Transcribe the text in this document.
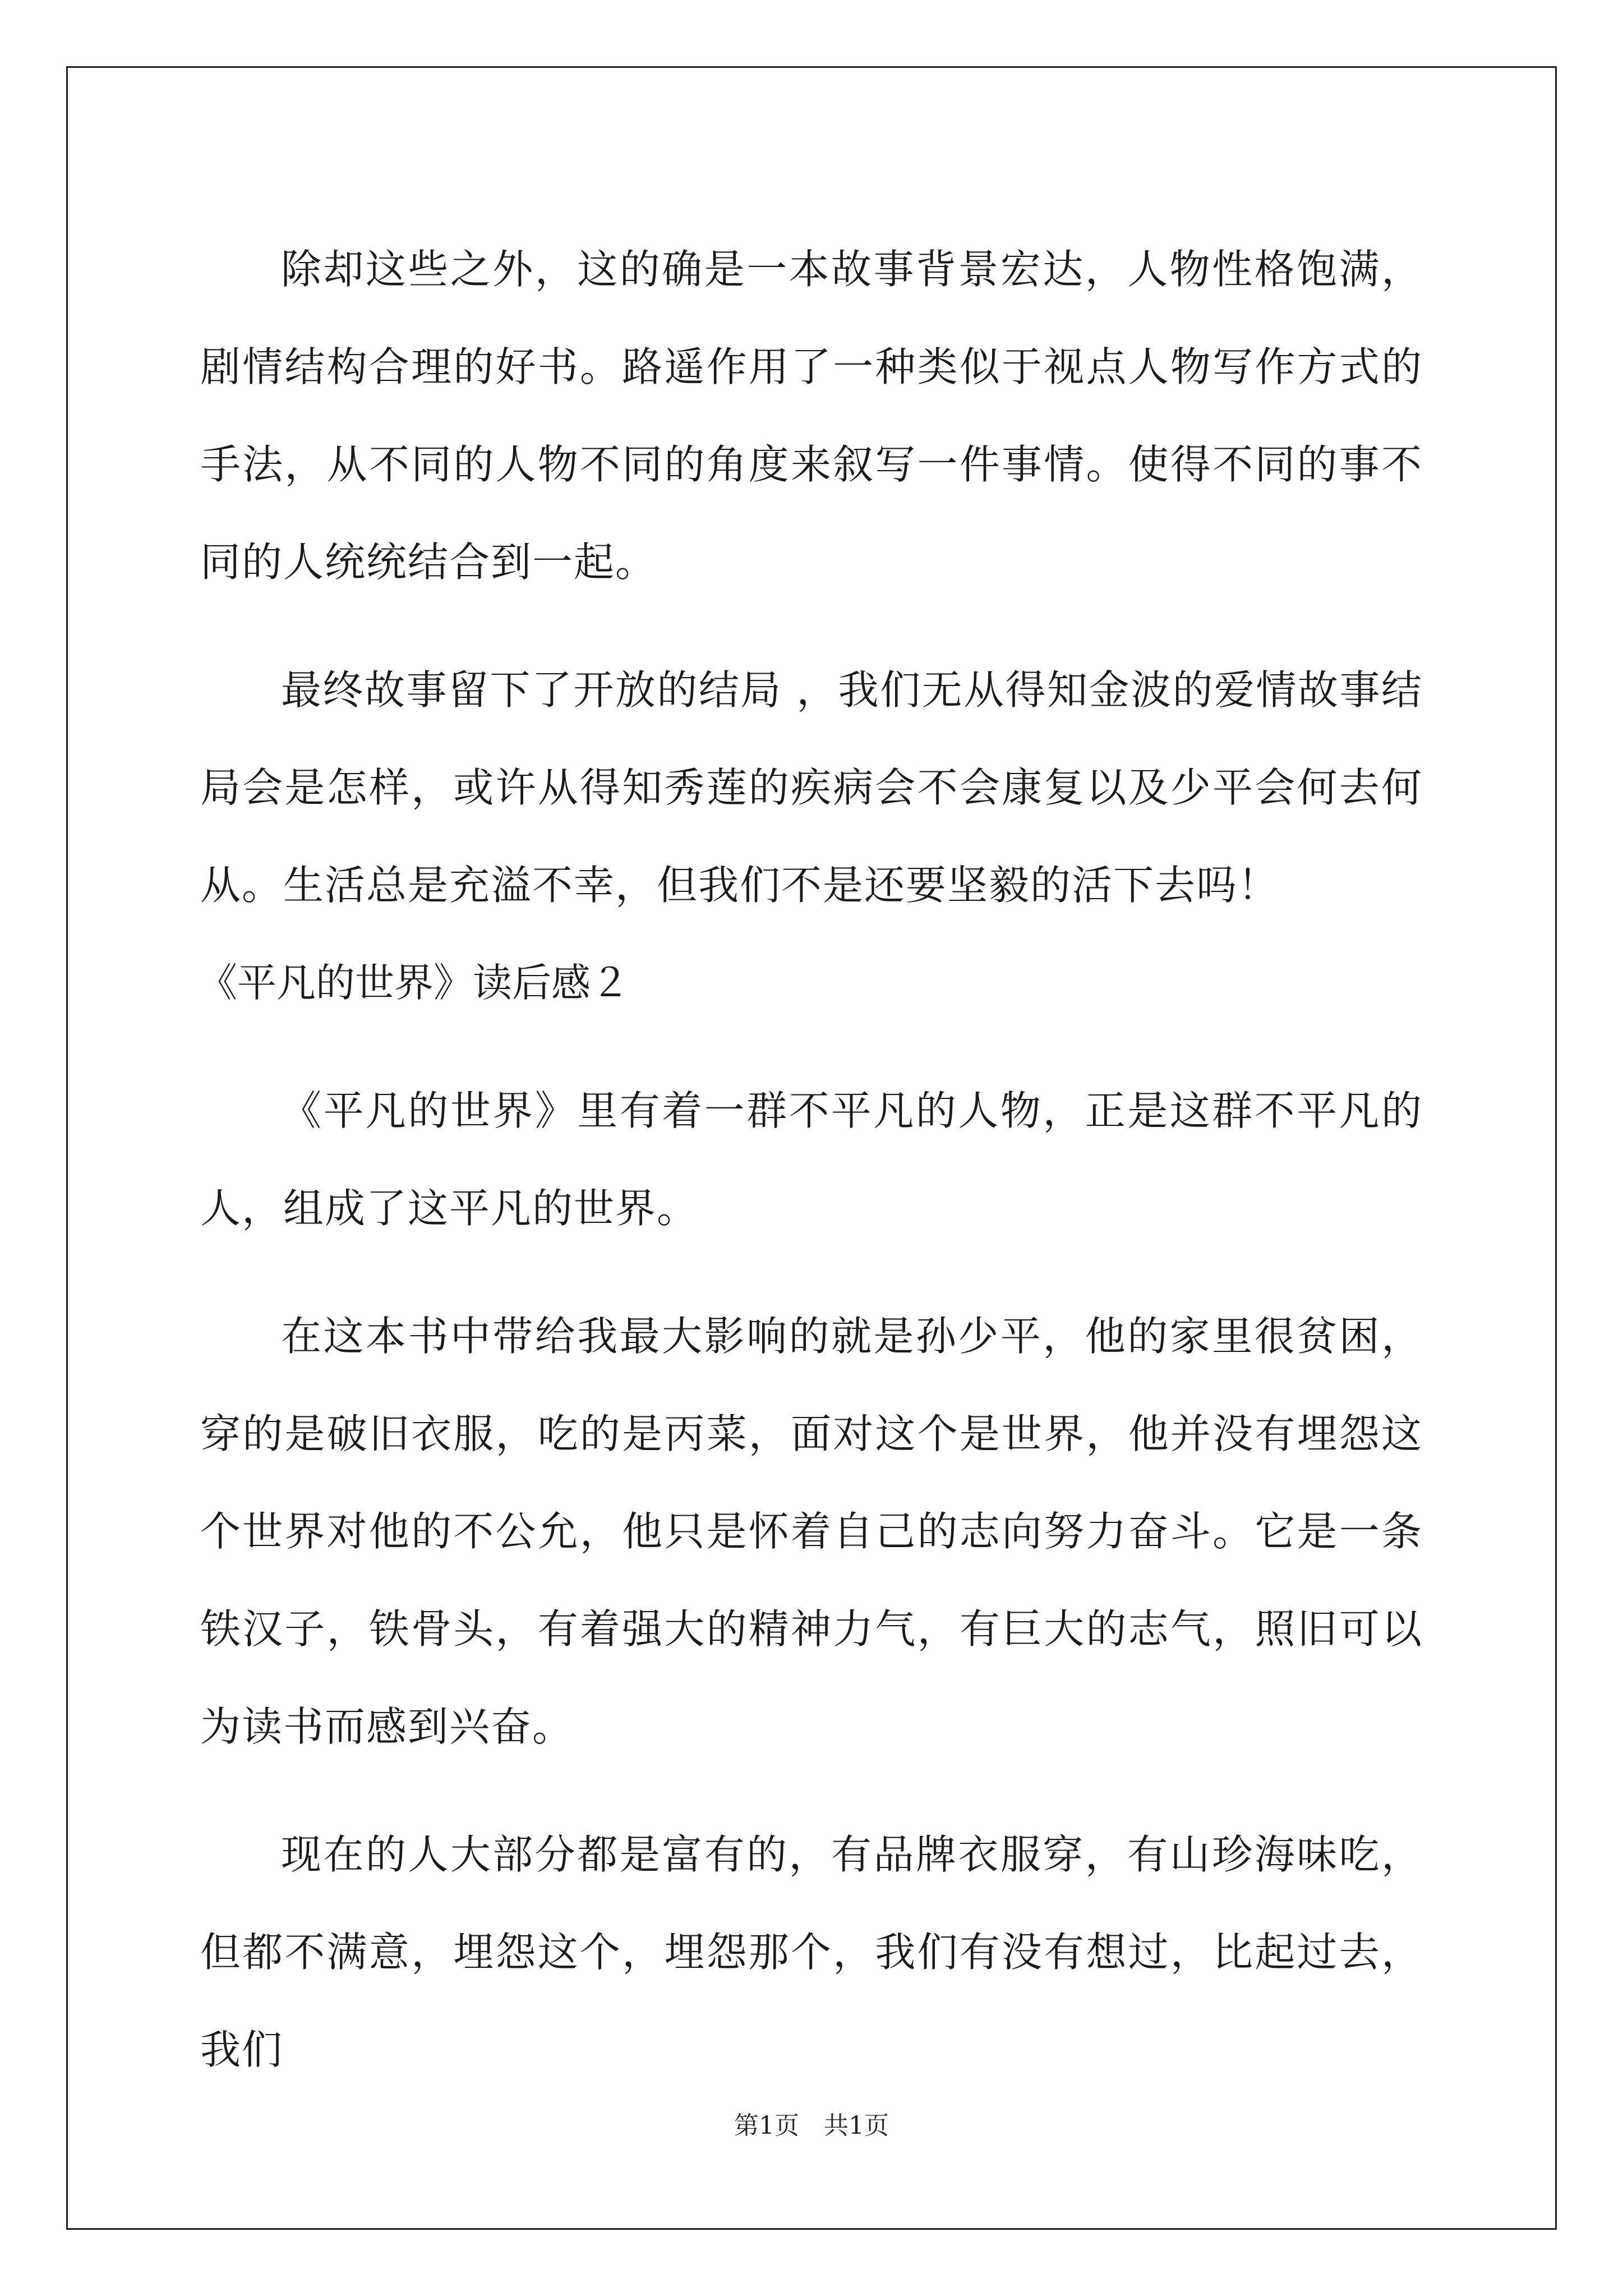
除却这些之外，这的确是一本故事背景宏达，人物性格饱满，剧情结构合理的好书。路遥作用了一种类似于视点人物写作方式的手法，从不同的人物不同的角度来叙写一件事情。使得不同的事不同的人统统结合到一起。

最终故事留下了开放的结局 ，我们无从得知金波的爱情故事结局会是怎样，或许从得知秀莲的疾病会不会康复以及少平会何去何从。生活总是充溢不幸，但我们不是还要坚毅的活下去吗！

《平凡的世界》读后感２

《平凡的世界》里有着一群不平凡的人物，正是这群不平凡的人，组成了这平凡的世界。

在这本书中带给我最大影响的就是孙少平，他的家里很贫困，穿的是破旧衣服，吃的是丙菜，面对这个是世界，他并没有埋怨这个世界对他的不公允，他只是怀着自己的志向努力奋斗。它是一条铁汉子，铁骨头，有着强大的精神力气，有巨大的志气，照旧可以为读书而感到兴奋。

现在的人大部分都是富有的，有品牌衣服穿，有山珍海味吃，但都不满意，埋怨这个，埋怨那个，我们有没有想过，比起过去，我们

第1页　共1页
